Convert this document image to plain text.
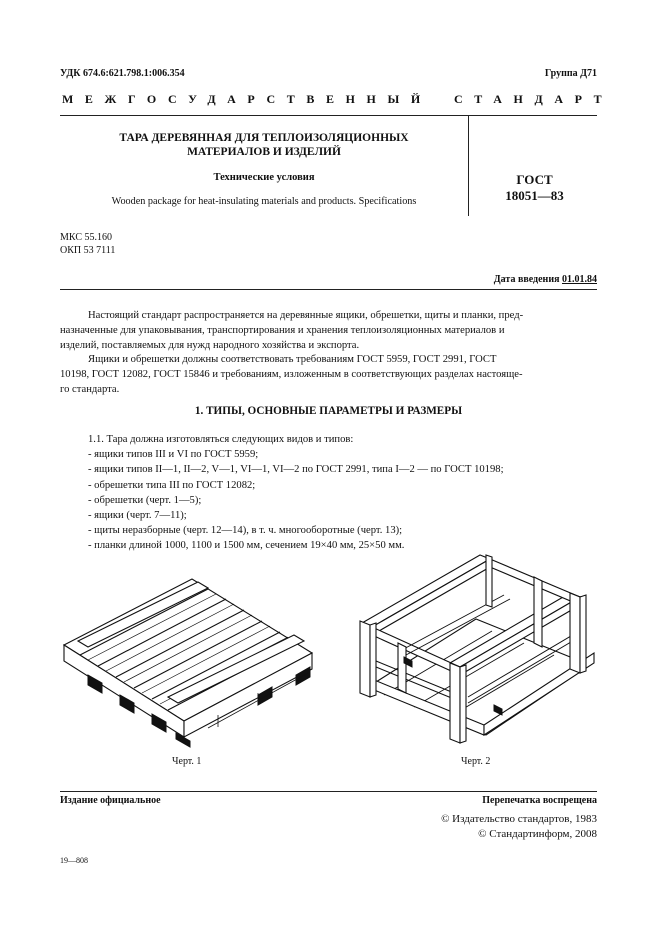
УДК 674.6:621.798.1:006.354	Группа Д71
МЕЖГОСУДАРСТВЕННЫЙ СТАНДАРТ
ТАРА ДЕРЕВЯННАЯ ДЛЯ ТЕПЛОИЗОЛЯЦИОННЫХ
МАТЕРИАЛОВ И ИЗДЕЛИЙ
Технические условия
Wooden package for heat-insulating materials and products. Specifications
ГОСТ
18051—83
МКС 55.160
ОКП 53 7111
Дата введения 01.01.84
Настоящий стандарт распространяется на деревянные ящики, обрешетки, щиты и планки, пред-
назначенные для упаковывания, транспортирования и хранения теплоизоляционных материалов и
изделий, поставляемых для нужд народного хозяйства и экспорта.
Ящики и обрешетки должны соответствовать требованиям ГОСТ 5959, ГОСТ 2991, ГОСТ
10198, ГОСТ 12082, ГОСТ 15846 и требованиям, изложенным в соответствующих разделах настояще-
го стандарта.
1. ТИПЫ, ОСНОВНЫЕ ПАРАМЕТРЫ И РАЗМЕРЫ
1.1. Тара должна изготовляться следующих видов и типов:
- ящики типов III и VI по ГОСТ 5959;
- ящики типов II—1, II—2, V—1, VI—1, VI—2 по ГОСТ 2991, типа I—2 — по ГОСТ 10198;
- обрешетки типа III по ГОСТ 12082;
- обрешетки (черт. 1—5);
- ящики (черт. 7—11);
- щиты неразборные (черт. 12—14), в т. ч. многооборотные (черт. 13);
- планки длиной 1000, 1100 и 1500 мм, сечением 19×40 мм, 25×50 мм.
Черт. 1	Черт. 2
Издание официальное	Перепечатка воспрещена
© Издательство стандартов, 1983
© Стандартинформ, 2008
19—808
